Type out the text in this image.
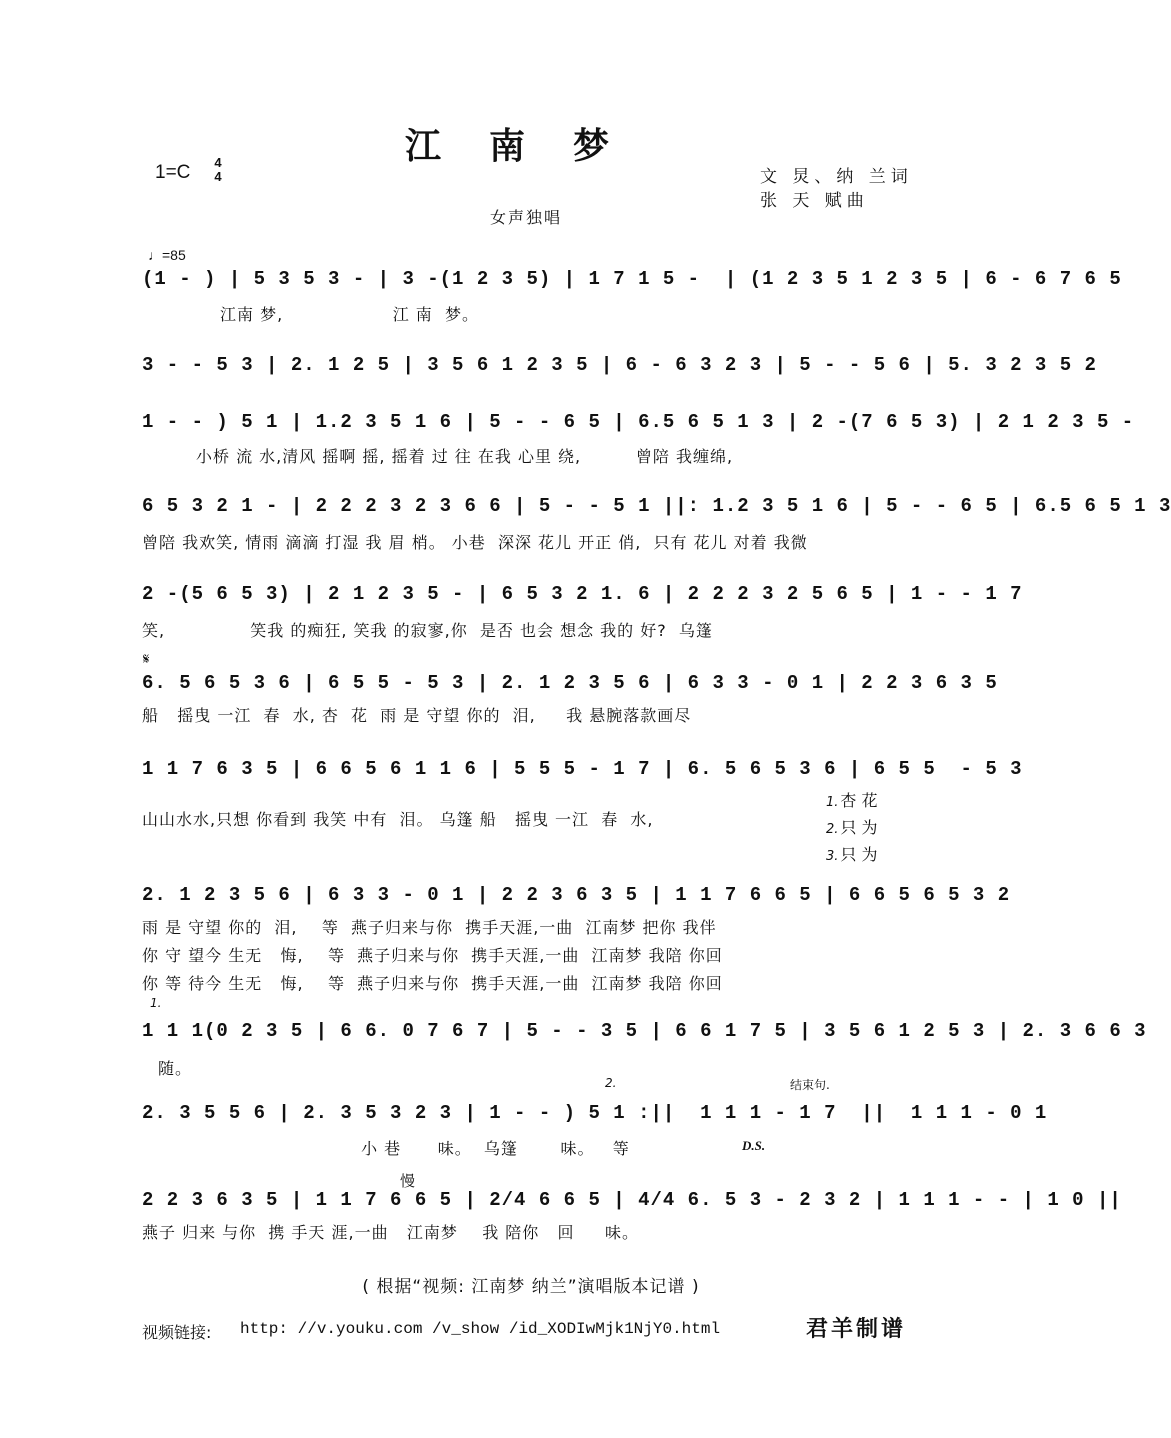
江南梦
1=C	4
4	文 炅、纳 兰词
张 天 赋曲
女声独唱
♩=85
(1 - ) | 5 3 5 3 - | 3 -(1 2 3 5) | 1 7 1 5 -  | (1 2 3 5 1 2 3 5 | 6 - 6 7 6 5
江南 梦,                  江 南  梦。
3 - - 5 3 | 2. 1 2 5 | 3 5 6 1 2 3 5 | 6 - 6 3 2 3 | 5 - - 5 6 | 5. 3 2 3 5 2
1 - - ) 5 1 | 1.2 3 5 1 6 | 5 - - 6 5 | 6.5 6 5 1 3 | 2 -(7 6 5 3) | 2 1 2 3 5 -
小桥 流 水,清风 摇啊 摇, 摇着 过 往 在我 心里 绕,         曾陪 我缠绵,
6 5 3 2 1 - | 2 2 2 3 2 3 6 6 | 5 - - 5 1 ||: 1.2 3 5 1 6 | 5 - - 6 5 | 6.5 6 5 1 3
曾陪 我欢笑, 情雨 滴滴 打湿 我 眉 梢。 小巷  深深 花儿 开正 俏,  只有 花儿 对着 我微
2 -(5 6 5 3) | 2 1 2 3 5 - | 6 5 3 2 1. 6 | 2 2 2 3 2 5 6 5 | 1 - - 1 7
笑,              笑我 的痴狂, 笑我 的寂寥,你  是否 也会 想念 我的 好?  乌篷
𝄋
6. 5 6 5 3 6 | 6 5 5 - 5 3 | 2. 1 2 3 5 6 | 6 3 3 - 0 1 | 2 2 3 6 3 5
船   摇曳 一江  春  水, 杏  花  雨 是 守望 你的  泪,     我 悬腕落款画尽
1 1 7 6 3 5 | 6 6 5 6 1 1 6 | 5 5 5 - 1 7 | 6. 5 6 5 3 6 | 6 5 5  - 5 3
山山水水,只想 你看到 我笑 中有  泪。 乌篷 船   摇曳 一江  春  水,
1. 杏 花
2. 只 为
3. 只 为
2. 1 2 3 5 6 | 6 3 3 - 0 1 | 2 2 3 6 3 5 | 1 1 7 6 6 5 | 6 6 5 6 5 3 2
雨 是 守望 你的  泪,    等  燕子归来与你  携手天涯,一曲  江南梦 把你 我伴
你 守 望今 生无   悔,    等  燕子归来与你  携手天涯,一曲  江南梦 我陪 你回
你 等 待今 生无   悔,    等  燕子归来与你  携手天涯,一曲  江南梦 我陪 你回
1.
1 1 1(0 2 3 5 | 6 6. 0 7 6 7 | 5 - - 3 5 | 6 6 1 7 5 | 3 5 6 1 2 5 3 | 2. 3 6 6 3
随。
2.	结束句.
2. 3 5 5 6 | 2. 3 5 3 2 3 | 1 - - ) 5 1 :||  1 1 1 - 1 7  ||  1 1 1 - 0 1
小 巷      味。  乌篷       味。   等	D.S.
慢
2 2 3 6 3 5 | 1 1 7 6 6 5 | 2/4 6 6 5 | 4/4 6. 5 3 - 2 3 2 | 1 1 1 - - | 1 0 ||
燕子 归来 与你  携 手天 涯,一曲   江南梦    我 陪你   回     味。
( 根据“视频: 江南梦 纳兰”演唱版本记谱 )
视频链接: http: //v.youku.com /v_show /id_XODIwMjk1NjY0.html	君羊制谱
